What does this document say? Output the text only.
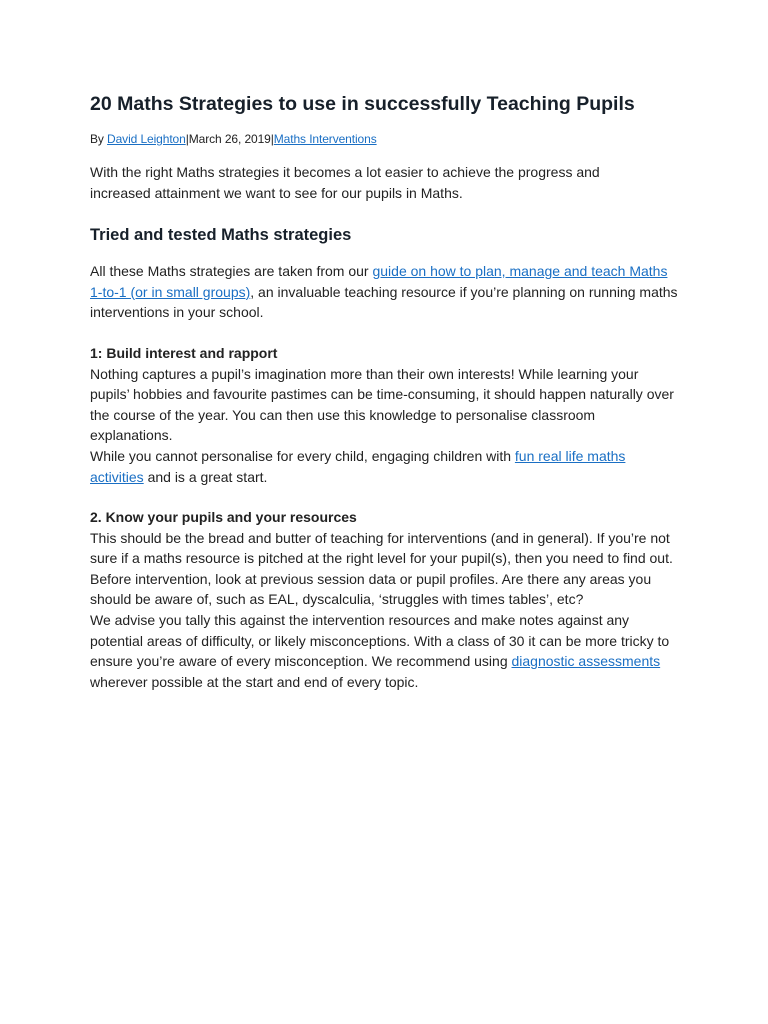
20 Maths Strategies to use in successfully Teaching Pupils
By David Leighton|March 26, 2019|Maths Interventions

With the right Maths strategies it becomes a lot easier to achieve the progress and increased attainment we want to see for our pupils in Maths.

Tried and tested Maths strategies

All these Maths strategies are taken from our guide on how to plan, manage and teach Maths 1-to-1 (or in small groups), an invaluable teaching resource if you’re planning on running maths interventions in your school.

1: Build interest and rapport

Nothing captures a pupil’s imagination more than their own interests! While learning your pupils’ hobbies and favourite pastimes can be time-consuming, it should happen naturally over the course of the year. You can then use this knowledge to personalise classroom explanations.

While you cannot personalise for every child, engaging children with fun real life maths activities and is a great start.

2. Know your pupils and your resources

This should be the bread and butter of teaching for interventions (and in general). If you’re not sure if a maths resource is pitched at the right level for your pupil(s), then you need to find out.

Before intervention, look at previous session data or pupil profiles. Are there any areas you should be aware of, such as EAL, dyscalculia, ‘struggles with times tables’, etc?

We advise you tally this against the intervention resources and make notes against any potential areas of difficulty, or likely misconceptions. With a class of 30 it can be more tricky to ensure you’re aware of every misconception. We recommend using diagnostic assessments wherever possible at the start and end of every topic.
